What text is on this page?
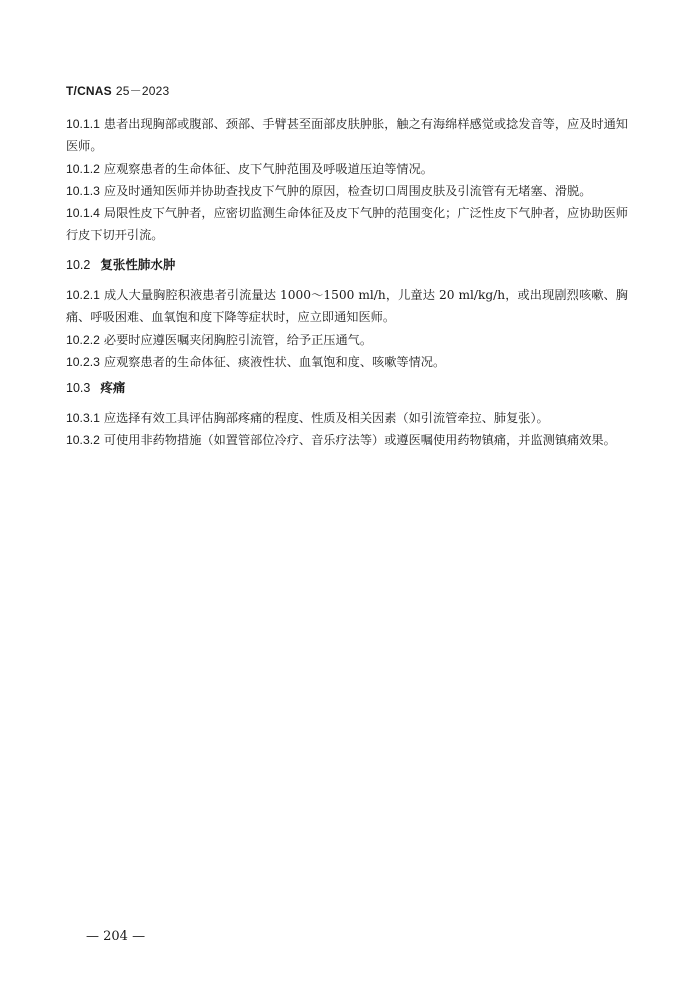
T/CNAS 25－2023

10.1.1 患者出现胸部或腹部、颈部、手臂甚至面部皮肤肿胀，触之有海绵样感觉或捻发音等，应及时通知医师。

10.1.2 应观察患者的生命体征、皮下气肿范围及呼吸道压迫等情况。

10.1.3 应及时通知医师并协助查找皮下气肿的原因，检查切口周围皮肤及引流管有无堵塞、滑脱。

10.1.4 局限性皮下气肿者，应密切监测生命体征及皮下气肿的范围变化；广泛性皮下气肿者，应协助医师行皮下切开引流。

10.2 复张性肺水肿

10.2.1 成人大量胸腔积液患者引流量达 1000～1500 ml/h，儿童达 20 ml/kg/h，或出现剧烈咳嗽、胸痛、呼吸困难、血氧饱和度下降等症状时，应立即通知医师。

10.2.2 必要时应遵医嘱夹闭胸腔引流管，给予正压通气。

10.2.3 应观察患者的生命体征、痰液性状、血氧饱和度、咳嗽等情况。

10.3 疼痛

10.3.1 应选择有效工具评估胸部疼痛的程度、性质及相关因素（如引流管牵拉、肺复张）。

10.3.2 可使用非药物措施（如置管部位冷疗、音乐疗法等）或遵医嘱使用药物镇痛，并监测镇痛效果。

— 204 —
